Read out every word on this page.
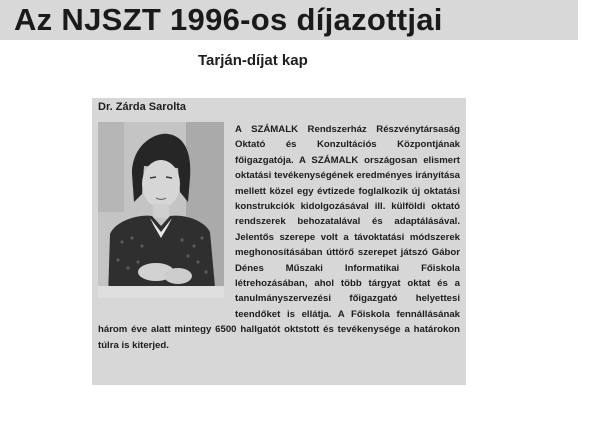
Az NJSZT 1996-os díjazottjai
Tarján-díjat kap
Dr. Zárda Sarolta

A SZÁMALK Rendszerház Részvénytársaság Oktató és Konzultációs Központjának főigazgatója. A SZÁMALK országosan elismert oktatási tevékenységének eredményes irányítása mellett közel egy évtizede foglalkozik új oktatási konstrukciók kidolgozásával ill. külföldi oktató rendszerek behozatalával és adaptálásával. Jelentős szerepe volt a távoktatási módszerek meghonosításában úttörő szerepet játszó Gábor Dénes Műszaki Informatikai Főiskola létrehozásában, ahol több tárgyat oktat és a tanulmányszervezési főigazgató helyettesi teendőket is ellátja. A Főiskola fennállásának három éve alatt mintegy 6500 hallgatót oktstott és tevékenysége a határokon túlra is kiterjed.
